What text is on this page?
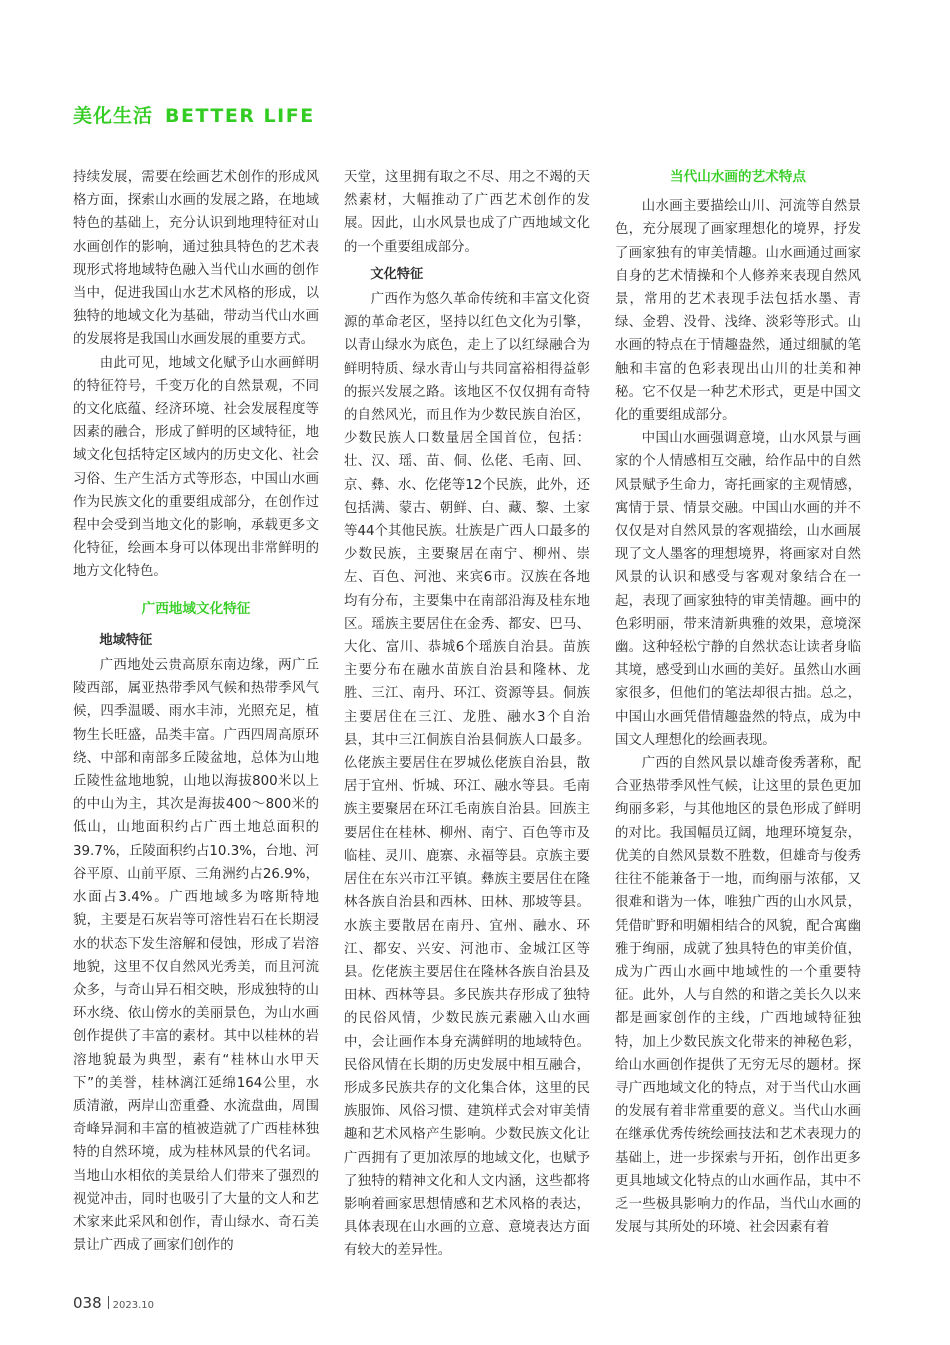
美化生活 BETTER LIFE

持续发展，需要在绘画艺术创作的形成风格方面，探索山水画的发展之路，在地域特色的基础上，充分认识到地理特征对山水画创作的影响，通过独具特色的艺术表现形式将地域特色融入当代山水画的创作当中，促进我国山水艺术风格的形成，以独特的地域文化为基础，带动当代山水画的发展将是我国山水画发展的重要方式。

由此可见，地域文化赋予山水画鲜明的特征符号，千变万化的自然景观，不同的文化底蕴、经济环境、社会发展程度等因素的融合，形成了鲜明的区域特征，地域文化包括特定区域内的历史文化、社会习俗、生产生活方式等形态，中国山水画作为民族文化的重要组成部分，在创作过程中会受到当地文化的影响，承载更多文化特征，绘画本身可以体现出非常鲜明的地方文化特色。

广西地域文化特征
地域特征

广西地处云贵高原东南边缘，两广丘陵西部，属亚热带季风气候和热带季风气候，四季温暖、雨水丰沛，光照充足，植物生长旺盛，品类丰富。广西四周高原环绕、中部和南部多丘陵盆地，总体为山地丘陵性盆地地貌，山地以海拔800米以上的中山为主，其次是海拔400～800米的低山，山地面积约占广西土地总面积的39.7%，丘陵面积约占10.3%，台地、河谷平原、山前平原、三角洲约占26.9%，水面占3.4%。广西地域多为喀斯特地貌，主要是石灰岩等可溶性岩石在长期浸水的状态下发生溶解和侵蚀，形成了岩溶地貌，这里不仅自然风光秀美，而且河流众多，与奇山异石相交映，形成独特的山环水绕、依山傍水的美丽景色，为山水画创作提供了丰富的素材。其中以桂林的岩溶地貌最为典型，素有“桂林山水甲天下”的美誉，桂林漓江延绵164公里，水质清澈，两岸山峦重叠、水流盘曲，周围奇峰异洞和丰富的植被造就了广西桂林独特的自然环境，成为桂林风景的代名词。当地山水相依的美景给人们带来了强烈的视觉冲击，同时也吸引了大量的文人和艺术家来此采风和创作，青山绿水、奇石美景让广西成了画家们创作的

天堂，这里拥有取之不尽、用之不竭的天然素材，大幅推动了广西艺术创作的发展。因此，山水风景也成了广西地域文化的一个重要组成部分。

文化特征

广西作为悠久革命传统和丰富文化资源的革命老区，坚持以红色文化为引擎，以青山绿水为底色，走上了以红绿融合为鲜明特质、绿水青山与共同富裕相得益彰的振兴发展之路。该地区不仅仅拥有奇特的自然风光，而且作为少数民族自治区，少数民族人口数量居全国首位，包括：壮、汉、瑶、苗、侗、仫佬、毛南、回、京、彝、水、仡佬等12个民族，此外，还包括满、蒙古、朝鲜、白、藏、黎、土家等44个其他民族。壮族是广西人口最多的少数民族，主要聚居在南宁、柳州、崇左、百色、河池、来宾6市。汉族在各地均有分布，主要集中在南部沿海及桂东地区。瑶族主要居住在金秀、都安、巴马、大化、富川、恭城6个瑶族自治县。苗族主要分布在融水苗族自治县和隆林、龙胜、三江、南丹、环江、资源等县。侗族主要居住在三江、龙胜、融水3个自治县，其中三江侗族自治县侗族人口最多。仫佬族主要居住在罗城仫佬族自治县，散居于宜州、忻城、环江、融水等县。毛南族主要聚居在环江毛南族自治县。回族主要居住在桂林、柳州、南宁、百色等市及临桂、灵川、鹿寨、永福等县。京族主要居住在东兴市江平镇。彝族主要居住在隆林各族自治县和西林、田林、那坡等县。水族主要散居在南丹、宜州、融水、环江、都安、兴安、河池市、金城江区等县。仡佬族主要居住在隆林各族自治县及田林、西林等县。多民族共存形成了独特的民俗风情，少数民族元素融入山水画中，会让画作本身充满鲜明的地域特色。民俗风情在长期的历史发展中相互融合，形成多民族共存的文化集合体，这里的民族服饰、风俗习惯、建筑样式会对审美情趣和艺术风格产生影响。少数民族文化让广西拥有了更加浓厚的地域文化，也赋予了独特的精神文化和人文内涵，这些都将影响着画家思想情感和艺术风格的表达，具体表现在山水画的立意、意境表达方面有较大的差异性。

当代山水画的艺术特点

山水画主要描绘山川、河流等自然景色，充分展现了画家理想化的境界，抒发了画家独有的审美情趣。山水画通过画家自身的艺术情操和个人修养来表现自然风景，常用的艺术表现手法包括水墨、青绿、金碧、没骨、浅绛、淡彩等形式。山水画的特点在于情趣盎然，通过细腻的笔触和丰富的色彩表现出山川的壮美和神秘。它不仅是一种艺术形式，更是中国文化的重要组成部分。

中国山水画强调意境，山水风景与画家的个人情感相互交融，给作品中的自然风景赋予生命力，寄托画家的主观情感，寓情于景、情景交融。中国山水画的并不仅仅是对自然风景的客观描绘，山水画展现了文人墨客的理想境界，将画家对自然风景的认识和感受与客观对象结合在一起，表现了画家独特的审美情趣。画中的色彩明丽，带来清新典雅的效果，意境深幽。这种轻松宁静的自然状态让读者身临其境，感受到山水画的美好。虽然山水画家很多，但他们的笔法却很古拙。总之，中国山水画凭借情趣盎然的特点，成为中国文人理想化的绘画表现。

广西的自然风景以雄奇俊秀著称，配合亚热带季风性气候，让这里的景色更加绚丽多彩，与其他地区的景色形成了鲜明的对比。我国幅员辽阔，地理环境复杂，优美的自然风景数不胜数，但雄奇与俊秀往往不能兼备于一地，而绚丽与浓郁，又很难和谐为一体，唯独广西的山水风景，凭借旷野和明媚相结合的风貌，配合寓幽雅于绚丽，成就了独具特色的审美价值，成为广西山水画中地域性的一个重要特征。此外，人与自然的和谐之美长久以来都是画家创作的主线，广西地域特征独特，加上少数民族文化带来的神秘色彩，给山水画创作提供了无穷无尽的题材。探寻广西地域文化的特点，对于当代山水画的发展有着非常重要的意义。当代山水画在继承优秀传统绘画技法和艺术表现力的基础上，进一步探索与开拓，创作出更多更具地域文化特点的山水画作品，其中不乏一些极具影响力的作品，当代山水画的发展与其所处的环境、社会因素有着

038 2023.10
